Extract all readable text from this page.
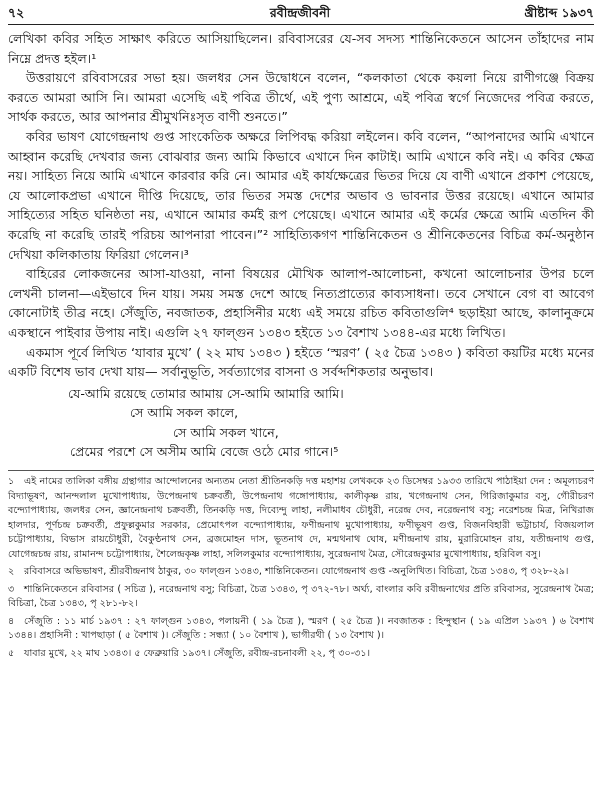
৭২	রবীন্দ্রজীবনী	খ্রীষ্টাব্দ ১৯৩৭

লেখিকা কবির সহিত সাক্ষাৎ করিতে আসিয়াছিলেন। রবিবাসরের যে-সব সদস্য শান্তিনিকেতনে আসেন তাঁহাদের নাম নিম্নে প্রদত্ত হইল।¹

উত্তরায়ণে রবিবাসরের সভা হয়। জলধর সেন উদ্বোধনে বলেন, “কলকাতা থেকে কয়লা নিয়ে রাণীগঞ্জে বিক্রয় করতে আমরা আসি নি। আমরা এসেছি এই পবিত্র তীর্থে, এই পুণ্য আশ্রমে, এই পবিত্র স্বর্গে নিজেদের পবিত্র করতে, সার্থক করতে, আর আপনার শ্রীমুখনিঃসৃত বাণী শুনতে।”

কবির ভাষণ যোগেন্দ্রনাথ গুপ্ত সাংকেতিক অক্ষরে লিপিবদ্ধ করিয়া লইলেন। কবি বলেন, “আপনাদের আমি এখানে আহ্বান করেছি দেখবার জন্য বোঝবার জন্য আমি কিভাবে এখানে দিন কাটাই। আমি এখানে কবি নই। এ কবির ক্ষেত্র নয়। সাহিত্য নিয়ে আমি এখানে কারবার করি নে। আমার এই কার্যক্ষেত্রের ভিতর দিয়ে যে বাণী এখানে প্রকাশ পেয়েছে, যে আলোকপ্রভা এখানে দীপ্তি দিয়েছে, তার ভিতর সমস্ত দেশের অভাব ও ভাবনার উত্তর রয়েছে। এখানে আমার সাহিত্যের সহিত ঘনিষ্ঠতা নয়, এখানে আমার কর্মই রূপ পেয়েছে। এখানে আমার এই কর্মের ক্ষেত্রে আমি এতদিন কী করেছি না করেছি তারই পরিচয় আপনারা পাবেন।”² সাহিত্যিকগণ শান্তিনিকেতন ও শ্রীনিকেতনের বিচিত্র কর্ম-অনুষ্ঠান দেখিয়া কলিকাতায় ফিরিয়া গেলেন।³

বাহিরের লোকজনের আসা-যাওয়া, নানা বিষয়ের মৌখিক আলাপ-আলোচনা, কখনো আলোচনার উপর চলে লেখনী চালনা—এইভাবে দিন যায়। সময় সমস্ত দেশে আছে নিত্যপ্রাত্যের কাব্যসাধনা। তবে সেখানে বেগ বা আবেগ কোনোটাই তীব্র নহে। সেঁজুতি, নবজাতক, প্রহাসিনীর মধ্যে এই সময়ে রচিত কবিতাগুলি⁴ ছড়াইয়া আছে, কালানুক্রমে একস্থানে পাইবার উপায় নাই। এগুলি ২৭ ফাল্গুন ১৩৪৩ হইতে ১৩ বৈশাখ ১৩৪৪-এর মধ্যে লিখিত।

একমাস পূর্বে লিখিত ‘যাবার মুখে’ ( ২২ মাঘ ১৩৪৩ ) হইতে ‘স্মরণ’ ( ২৫ চৈত্র ১৩৪৩ ) কবিতা কয়টির মধ্যে মনের একটি বিশেষ ভাব দেখা যায়— সর্বানুভূতি, সর্বত্যাগের বাসনা ও সর্বব্দশিকতার অনুভাব।

যে-আমি রয়েছে তোমার আমায় সে-আমি আমারি আমি।
সে আমি সকল কালে,
সে আমি সকল খানে,
প্রেমের পরশে সে অসীম আমি বেজে ওঠে মোর গানে।⁵

১ এই নামের তালিকা বঙ্গীয় গ্রন্থাগার আন্দোলনের অন্যতম নেতা শ্রীতিনকড়ি দত্ত মহাশয় লেখককে ২৩ ডিসেম্বর ১৯৩৩ তারিখে পাঠাইয়া দেন : অমূল্যচরণ বিদ্যাভূষণ, আনন্দলাল মুখোপাধ্যায়, উপেন্দ্রনাথ চক্রবর্তী, উপেন্দ্রনাথ গঙ্গোপাধ্যায়, কালীকৃষ্ণ রায়, খগেন্দ্রনাথ সেন, গিরিজাকুমার বসু, গৌরীচরণ বন্দ্যোপাধ্যায়, জলধর সেন, জ্ঞানেন্দ্রনাথ চক্রবর্তী, তিনকড়ি দত্ত, দিব্যেন্দু লাহা, নলীমাধব চৌধুরী, নরেন্দ্র দেব, নরেন্দ্রনাথ বসু; নরেশচন্দ্র মিত্র, নিখিরাজ হালদার, পূর্ণচন্দ্র চক্রবর্তী, প্রফুল্লকুমার সরকার, প্রেমোৎপল বন্দ্যোপাধ্যায়, ফণীন্দ্রনাথ মুখোপাধ্যায়, ফণীভূষণ গুপ্ত, বিজনবিহারী ভট্টাচার্য, বিজয়লাল চট্টোপাধ্যায়, বিভাস রায়চৌধুরী, বৈকুণ্ঠনাথ সেন, ব্রজমোহন দাস, ভূতনাথ দে, মন্মথনাথ ঘোষ, মণীন্দ্রনাথ রায়, মুরারিমোহন রায়, যতীন্দ্রনাথ গুপ্ত, যোগেন্দ্রচন্দ্র রায়, রামানন্দ চট্টোপাধ্যায়, শৈলেন্দ্রকৃষ্ণ লাহা, সলিলকুমার বন্দ্যোপাধ্যায়, সুরেন্দ্রনাথ মৈত্র, সৌরেন্দ্রকুমার মুখোপাধ্যায়, হরিবিল বসু।

২ রবিবাসরে অভিভাষণ, শ্রীরবীন্দ্রনাথ ঠাকুর, ৩০ ফাল্গুন ১৩৪৩, শান্তিনিকেতন। যোগেন্দ্রনাথ গুপ্ত -অনুলিখিত। বিচিত্রা, চৈত্র ১৩৪৩, পৃ ৩২৮-২৯।

৩ শান্তিনিকেতনে রবিবাসর ( সচিত্র ), নরেন্দ্রনাথ বসু; বিচিত্রা, চৈত্র ১৩৪৩, পৃ ৩৭২-৭৮। অর্ঘ্য, বাংলার কবি রবীন্দ্রনাথের প্রতি রবিবাসর, সুরেন্দ্রনাথ মৈত্র; বিচিত্রা, চৈত্র ১৩৪৩, পৃ ২৮১-৮২।

৪ সেঁজুতি : ১১ মার্চ ১৯৩৭ : ২৭ ফাল্গুন ১৩৪৩, পলায়নী ( ১৯ চৈত্র ), স্মরণ ( ২৫ চৈত্র )। নবজাতক : হিন্দুস্থান ( ১৯ এপ্রিল ১৯৩৭ ) ৬ বৈশাখ ১৩৪৪। প্রহাসিনী : খাপছাড়া ( ৫ বৈশাখ )। সেঁজুতি : সন্ধ্যা ( ১০ বৈশাখ ), ভাগীরথী ( ১৩ বৈশাখ )।

৫ যাবার মুখে, ২২ মাঘ ১৩৪৩। ৫ ফেব্রুয়ারি ১৯৩৭। সেঁজুতি, রবীন্দ্র-রচনাবলী ২২, পৃ ৩০-৩১।
